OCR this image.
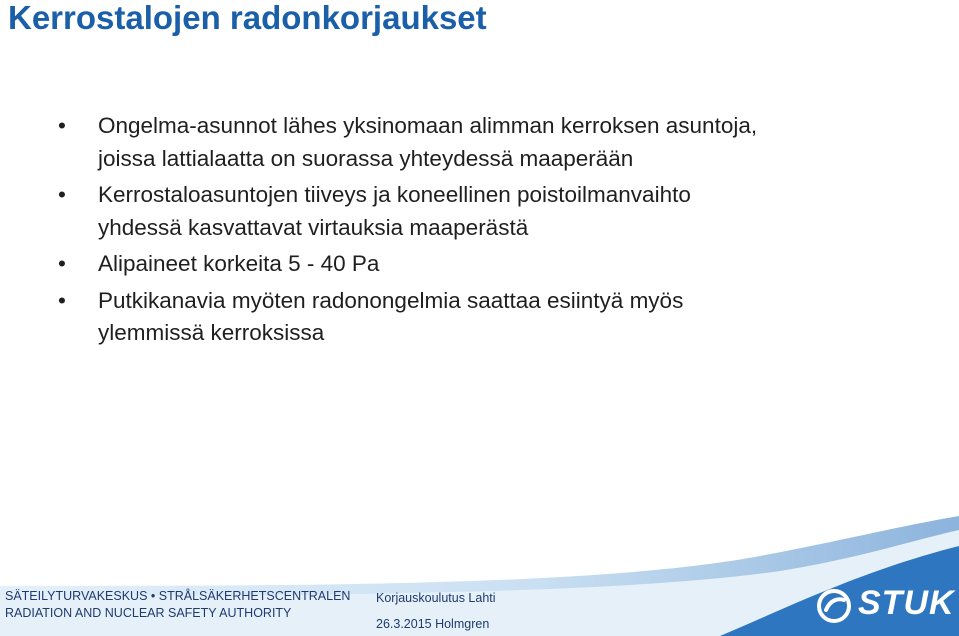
Kerrostalojen radonkorjaukset
• Ongelma-asunnot lähes yksinomaan alimman kerroksen asuntoja, joissa lattialaatta on suorassa yhteydessä maaperään
• Kerrostaloasuntojen tiiveys ja koneellinen poistoilmanvaihto yhdessä kasvattavat virtauksia maaperästä
• Alipaineet korkeita 5 - 40 Pa
• Putkikanavia myöten radonongelmia saattaa esiintyä myös ylemmissä kerroksissa
SÄTEILYTURVAKESKUS • STRÅLSÄKERHETSCENTRALEN
RADIATION AND NUCLEAR SAFETY AUTHORITY
Korjauskoulutus Lahti
26.3.2015 Holmgren
STUK
